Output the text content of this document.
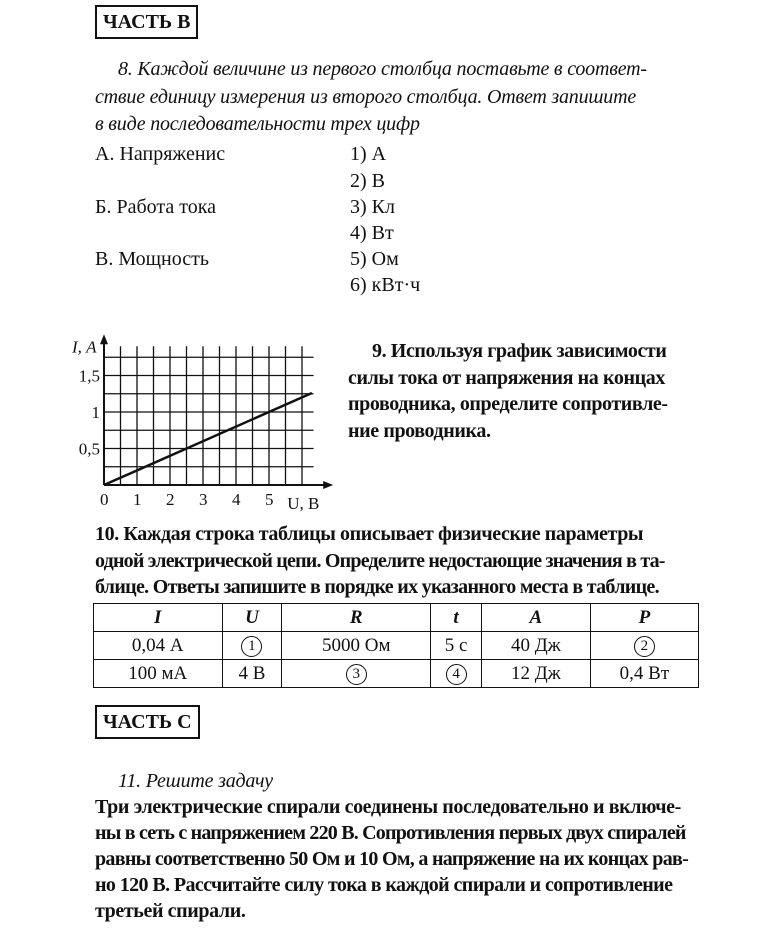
ЧАСТЬ В
8. Каждой величине из первого столбца поставьте в соответ-
ствие единицу измерения из второго столбца. Ответ запишите
в виде последовательности трех цифр
А. Напряженис
Б. Работа тока
В. Мощность
1) А
2) В
3) Кл
4) Вт
5) Ом
6) кВт·ч
0 1 2 3 4 5
0,5
1
1,5
I, А
U, В
9. Используя график зависимости
силы тока от напряжения на концах
проводника, определите сопротивле-
ние проводника.
10. Каждая строка таблицы описывает физические параметры
одной электрической цепи. Определите недостающие значения в та-
блице. Ответы запишите в порядке их указанного места в таблице.
I	U	R	t	A	P
0,04 А	1	5000 Ом	5 с	40 Дж	2
100 мА	4 В	3	4	12 Дж	0,4 Вт
ЧАСТЬ С
11. Решите задачу
Три электрические спирали соединены последовательно и включе-
ны в сеть с напряжением 220 В. Сопротивления первых двух спиралей
равны соответственно 50 Ом и 10 Ом, а напряжение на их концах рав-
но 120 В. Рассчитайте силу тока в каждой спирали и сопротивление
третьей спирали.
